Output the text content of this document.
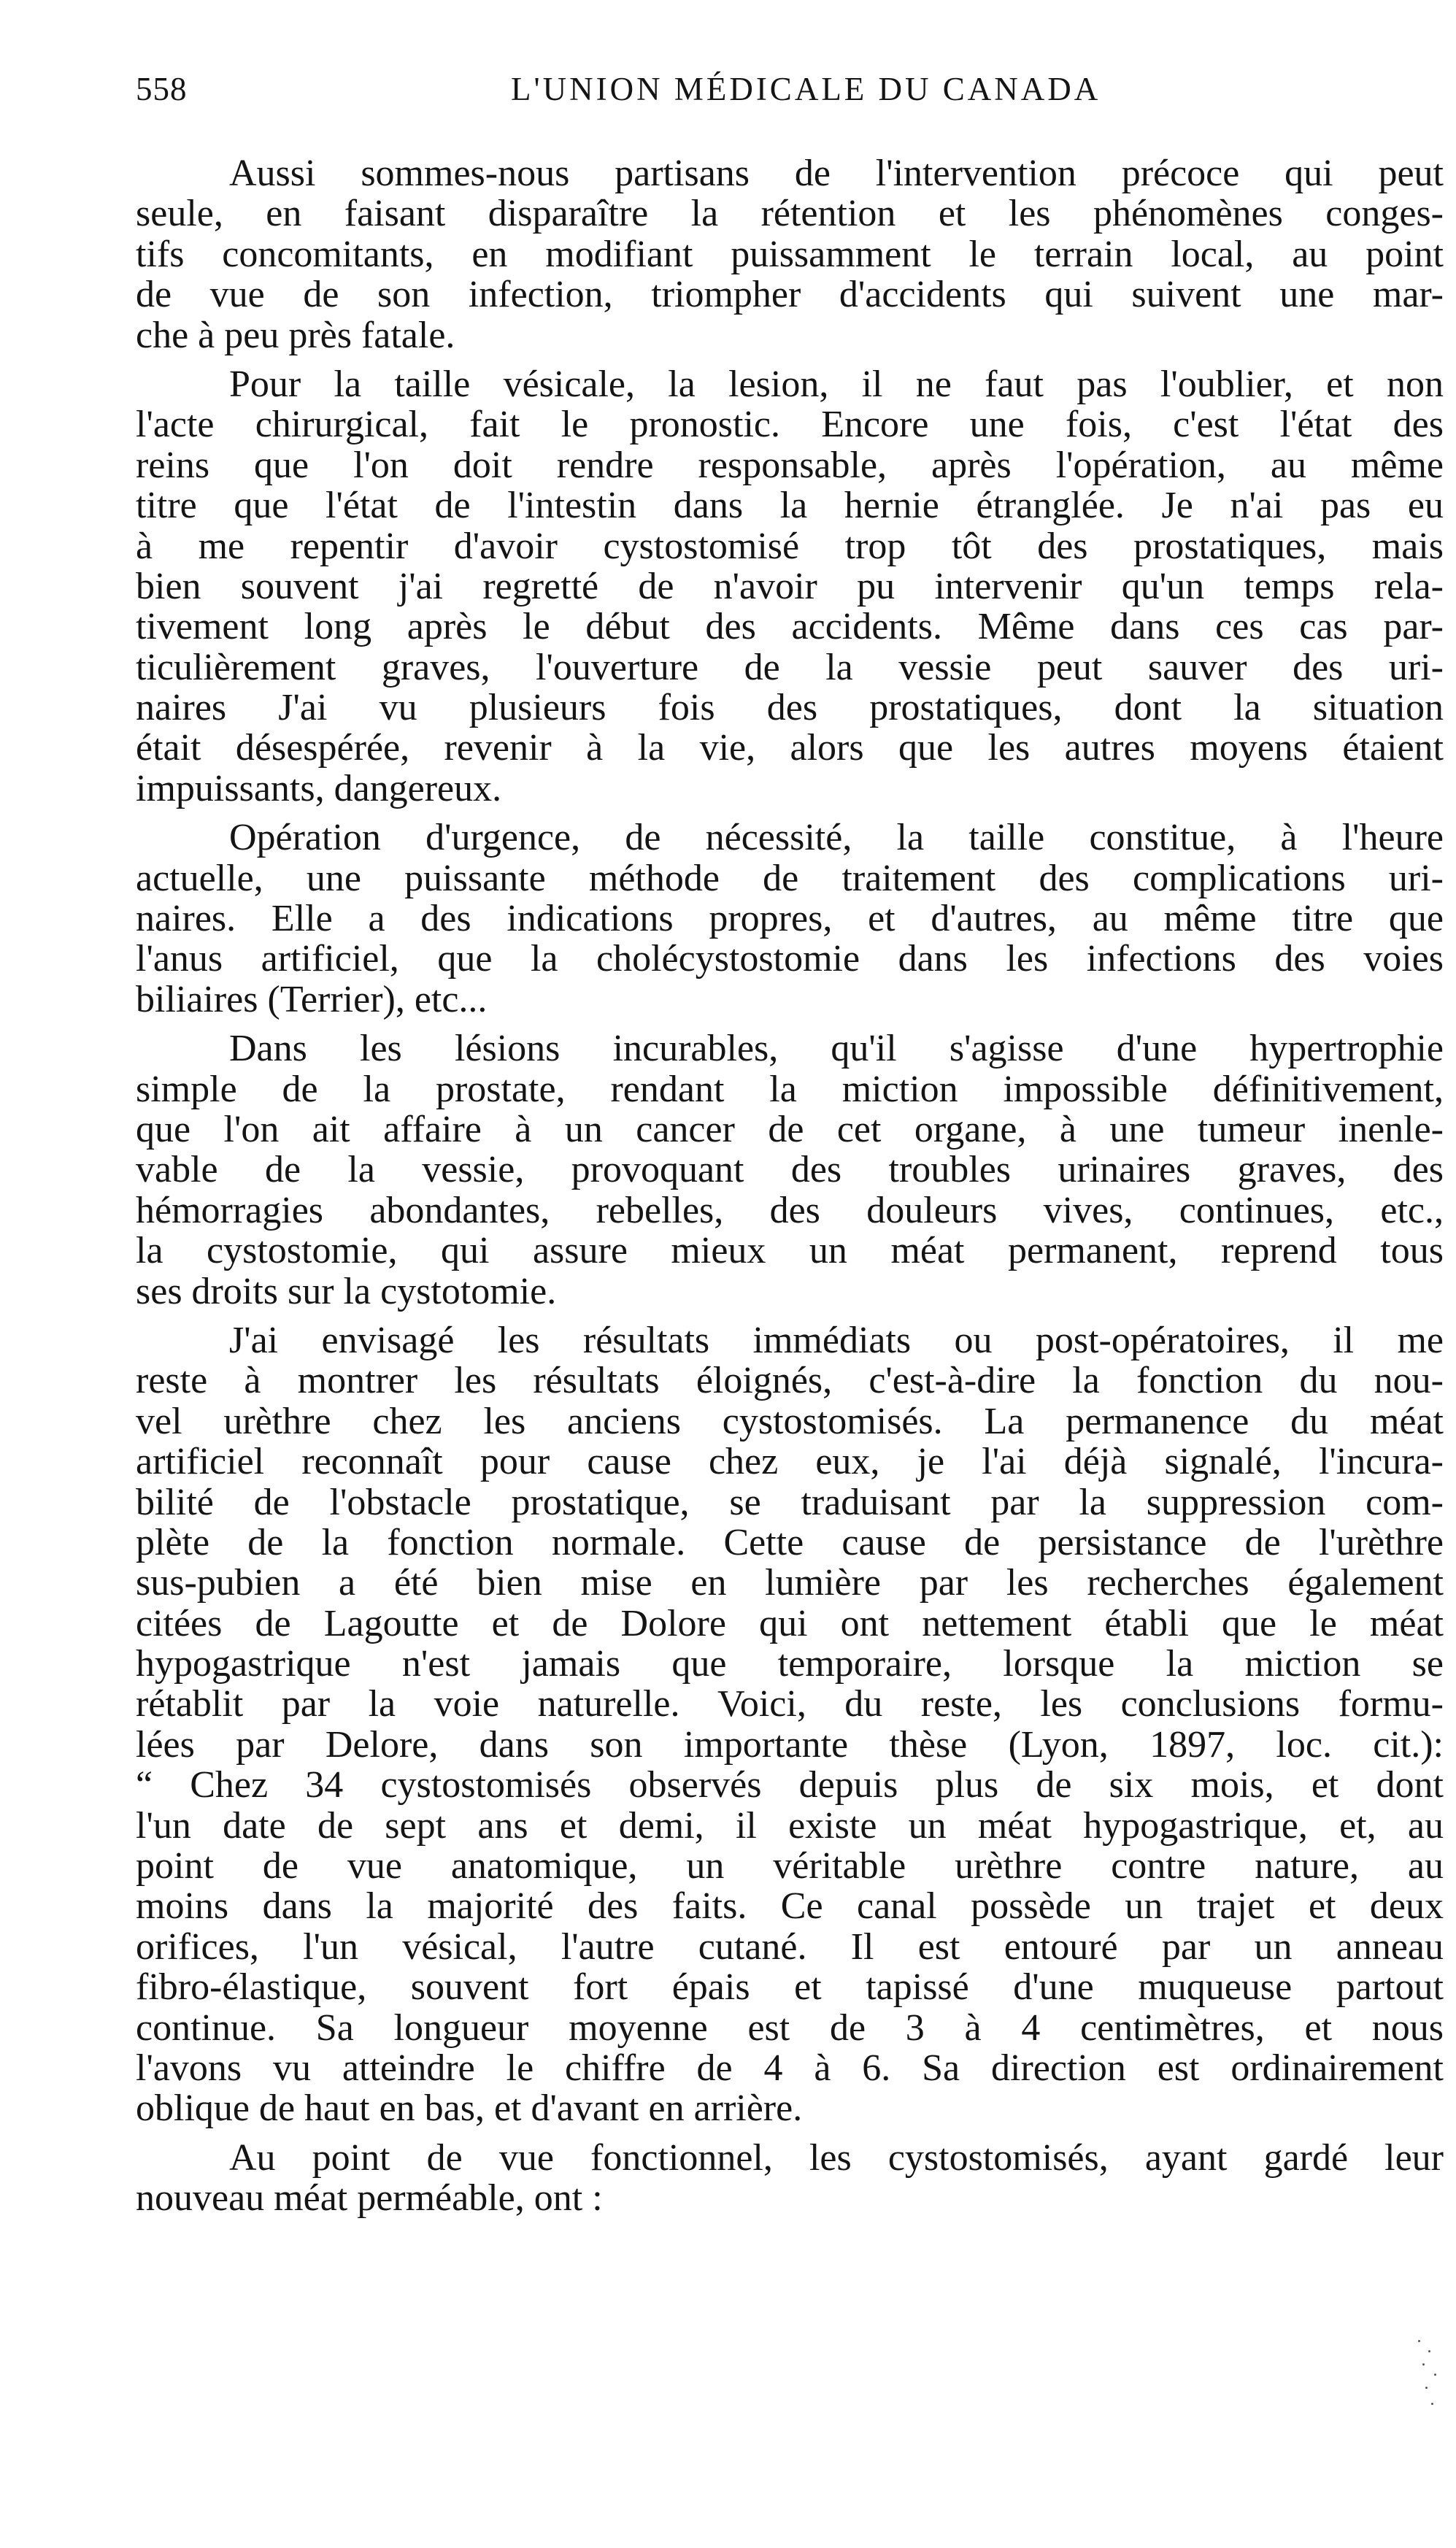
558	L'UNION MÉDICALE DU CANADA
Aussi sommes-nous partisans de l'intervention précoce qui peut
seule, en faisant disparaître la rétention et les phénomènes conges-
tifs concomitants, en modifiant puissamment le terrain local, au point
de vue de son infection, triompher d'accidents qui suivent une mar-
che à peu près fatale.
Pour la taille vésicale, la lesion, il ne faut pas l'oublier, et non
l'acte chirurgical, fait le pronostic. Encore une fois, c'est l'état des
reins que l'on doit rendre responsable, après l'opération, au même
titre que l'état de l'intestin dans la hernie étranglée. Je n'ai pas eu
à me repentir d'avoir cystostomisé trop tôt des prostatiques, mais
bien souvent j'ai regretté de n'avoir pu intervenir qu'un temps rela-
tivement long après le début des accidents. Même dans ces cas par-
ticulièrement graves, l'ouverture de la vessie peut sauver des uri-
naires J'ai vu plusieurs fois des prostatiques, dont la situation
était désespérée, revenir à la vie, alors que les autres moyens étaient
impuissants, dangereux.
Opération d'urgence, de nécessité, la taille constitue, à l'heure
actuelle, une puissante méthode de traitement des complications uri-
naires. Elle a des indications propres, et d'autres, au même titre que
l'anus artificiel, que la cholécystostomie dans les infections des voies
biliaires (Terrier), etc...
Dans les lésions incurables, qu'il s'agisse d'une hypertrophie
simple de la prostate, rendant la miction impossible définitivement,
que l'on ait affaire à un cancer de cet organe, à une tumeur inenle-
vable de la vessie, provoquant des troubles urinaires graves, des
hémorragies abondantes, rebelles, des douleurs vives, continues, etc.,
la cystostomie, qui assure mieux un méat permanent, reprend tous
ses droits sur la cystotomie.
J'ai envisagé les résultats immédiats ou post-opératoires, il me
reste à montrer les résultats éloignés, c'est-à-dire la fonction du nou-
vel urèthre chez les anciens cystostomisés. La permanence du méat
artificiel reconnaît pour cause chez eux, je l'ai déjà signalé, l'incura-
bilité de l'obstacle prostatique, se traduisant par la suppression com-
plète de la fonction normale. Cette cause de persistance de l'urèthre
sus-pubien a été bien mise en lumière par les recherches également
citées de Lagoutte et de Dolore qui ont nettement établi que le méat
hypogastrique n'est jamais que temporaire, lorsque la miction se
rétablit par la voie naturelle. Voici, du reste, les conclusions formu-
lées par Delore, dans son importante thèse (Lyon, 1897, loc. cit.):
“ Chez 34 cystostomisés observés depuis plus de six mois, et dont
l'un date de sept ans et demi, il existe un méat hypogastrique, et, au
point de vue anatomique, un véritable urèthre contre nature, au
moins dans la majorité des faits. Ce canal possède un trajet et deux
orifices, l'un vésical, l'autre cutané. Il est entouré par un anneau
fibro-élastique, souvent fort épais et tapissé d'une muqueuse partout
continue. Sa longueur moyenne est de 3 à 4 centimètres, et nous
l'avons vu atteindre le chiffre de 4 à 6. Sa direction est ordinairement
oblique de haut en bas, et d'avant en arrière.
Au point de vue fonctionnel, les cystostomisés, ayant gardé leur
nouveau méat perméable, ont :
